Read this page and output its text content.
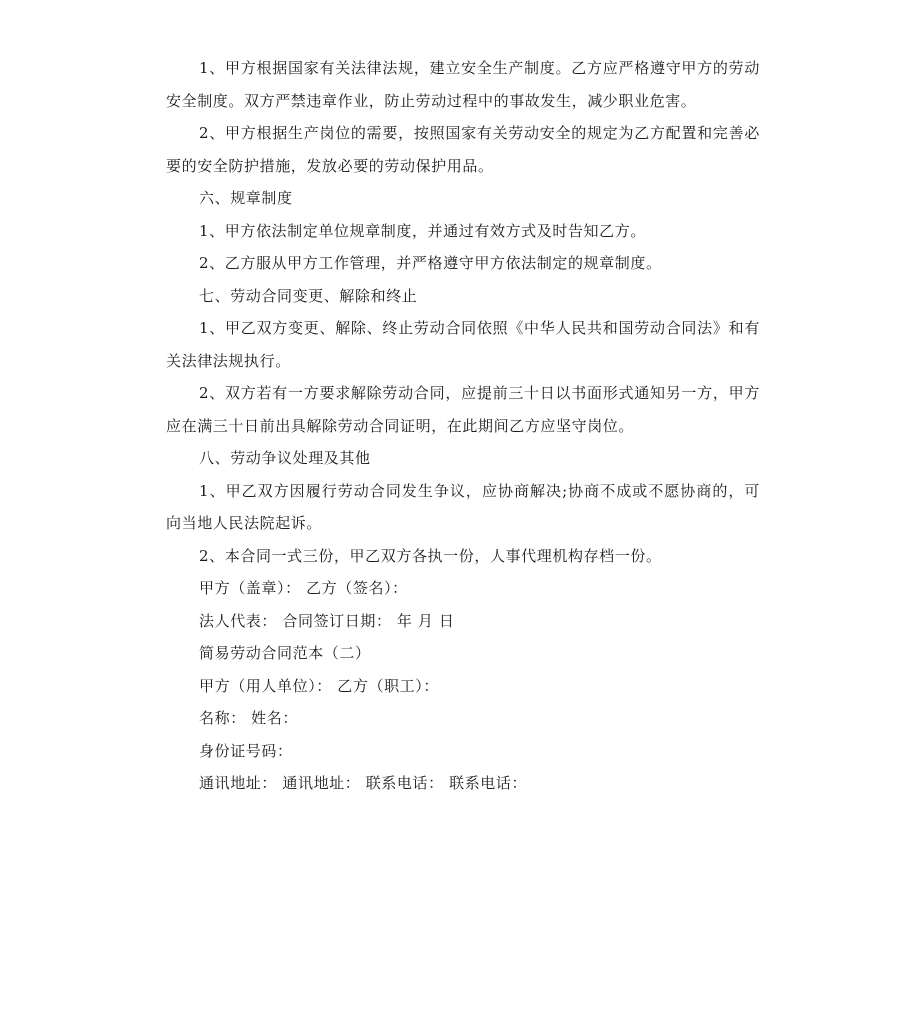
1、甲方根据国家有关法律法规，建立安全生产制度。乙方应严格遵守甲方的劳动安全制度。双方严禁违章作业，防止劳动过程中的事故发生，减少职业危害。

2、甲方根据生产岗位的需要，按照国家有关劳动安全的规定为乙方配置和完善必要的安全防护措施，发放必要的劳动保护用品。

六、规章制度

1、甲方依法制定单位规章制度，并通过有效方式及时告知乙方。

2、乙方服从甲方工作管理，并严格遵守甲方依法制定的规章制度。

七、劳动合同变更、解除和终止

1、甲乙双方变更、解除、终止劳动合同依照《中华人民共和国劳动合同法》和有关法律法规执行。

2、双方若有一方要求解除劳动合同，应提前三十日以书面形式通知另一方，甲方应在满三十日前出具解除劳动合同证明，在此期间乙方应坚守岗位。

八、劳动争议处理及其他

1、甲乙双方因履行劳动合同发生争议，应协商解决;协商不成或不愿协商的，可向当地人民法院起诉。

2、本合同一式三份，甲乙双方各执一份，人事代理机构存档一份。

甲方（盖章）： 乙方（签名）：

法人代表： 合同签订日期： 年 月 日

简易劳动合同范本（二）

甲方（用人单位）： 乙方（职工）：

名称： 姓名：

身份证号码：

通讯地址： 通讯地址： 联系电话： 联系电话：
